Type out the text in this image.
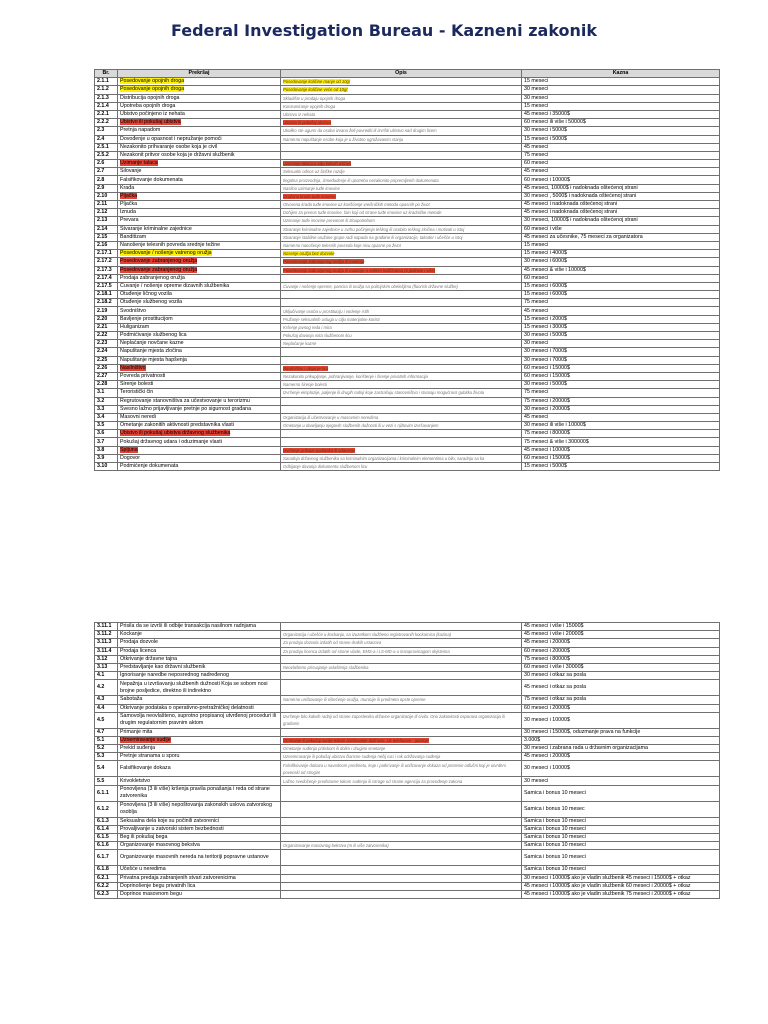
Federal Investigation Bureau - Kazneni zakonik
Br.	Prekršaj	Opis	Kazna
2.1.1	Posedovanje opojnih droga	Posedovanje količine manje od 10gr	15 meseci
2.1.2	Posedovanje opojnih droga	Posedovanje količine veće od 10gr	30 meseci
2.1.3	Distribucija opojnih droga	Skladište u prodaju opojnih droga	30 meseci
2.1.4	Upotreba opojnih droga	Konzumiranje opojnih droga	15 meseci
2.2.1	Ubistvo počinjeno iz nehata	Ubistvo iz nehata	45 meseci i 35000$
2.2.2	Ubistvo ili pokušaj ubistva	Ubistvo ili pokušaj ubistva	60 meseci ili više i 50000$
2.3	Pretnja napadom	Ukoliko ste ugurni da osoba izvana želi povrediti ili izvršiti ubistvo nad drugim licem	30 meseci i 5000$
2.4	Dovođenje u opasnost i nepružanje pomoći	Namerno napuštanje osobe koja je u životno ugrožavanim stanju	15 meseci i 5000$
2.5.1	Nezakonito prihvaranje osobe koja je civil		45 meseci
2.5.2	Nezakonit pritvor osobe koja je državni službenik		75 meseci
2.6	Uzimanje talaca	Uzimanje talaca u cilju kakvih uslova	60 meseci
2.7	Silovanje	Seksualni odnos uz fizičke razdje	45 meseci
2.8	Falsifikovanje dokumenata	Ilegalna proizvodnja, izmeđudenje ili upotreba nezakonito pripremljenih dokumenata	60 meseci i 10000$
2.9	Krađa	Nasilno uzimanje tuđe imovine	45 meseci, 10000$ i nadoknada oštećenoj strani
2.10	Pljačka	Oružana krađa tuđe imovine	30 meseci , 5000$ i nadoknada oštećenoj strani
2.11	Pljačka	Otvorena krađa tuđe imovine uz korišćenje vreišničkih metoda opasnih po život	45 meseci i nadoknada oštećenoj strani
2.12	Iznuda	Dohijen za prenos tuđe imovine, fain koji od strane tuđe imovine uz kradničke metode	45 meseci i nadoknada oštećenoj strani
2.13	Prevara	Uzimanje tuđe imovine prevarom ili zloupotrebom	30 meseci, 10000$ i nadoknada oštećenoj strani
2.14	Stvaranje kriminalne zajednice	Stvaranje kriminalne zajednice u svrhu počinjenja teškog ili osobito teškog zločina i motivati u istoj	60 meseci i više
2.15	Banditizam	Stvaranje stabilne oružane grupe radi napada na građane ili organizacije, takoder i učešće u istoj	45 meseci za učesnike, 75 meseci za organizatora
2.16	Nanošenje telesnih povreda srednje težine	Namerno nanošenje telesnih povreda koje nisu opasne po život	15 meseci
2.17.1	Posedovanje / nošenje vatrenog oružja	Nosenje oružja bez dozvole	15 meseci i 4000$
2.17.2	Posedovanje zabranjenog oružja	Posedovanje zabranjenog oružja ili municije	30 meseci i 6000$
2.17.3	Posedovanje zabranjenog oružja	Posedovanje zabranjenog oružja ili municije u velikim količinama (3 jedinice i više)	45 meseci & više i 10000$
2.17.4	Prodaja zabranjenog oružja		60 meseci
2.17.5	Čuvanje / nošenje opreme dizavnih službenika	Čuvanje i nošenje opreme, pancira ili oružja sa policijskim obeležjima (fluorisk državne službe)	15 meseci i 6000$
2.18.1	Otuđenje ličnog vozila		15 meseci i 6000$
2.18.2	Otuđenje službenog vozila		75 meseci
2.19	Svodništvo	Uključivanje osoba u prostituciju i vodenje istih	45 meseci
2.20	Bavljenje prostitucijom	Pružanje seksualnih usluga u cilju materijalne koristi	15 meseci i 2000$
2.21	Huliganizam	Kršenje javnog reda i mira	15 meseci i 3000$
2.22	Podmićivanje službenog lica	Pokušaj davanja mita službenom licu	30 meseci i 5000$
2.23	Neplaćanje novčane kazne	Neplaćanje kazne	30 meseci
2.24	Napuštanje mjesta zločina		30 meseci i 7000$
2.25	Napuštanje mjesta hapšenja		30 meseci i 7000$
2.26	Nasilništvo	Nasilništvo i ubijanje lica	60 meseci i 15000$
2.27	Povreda privatnosti	Nezakonito prikupljanje, pohranjivanje, korištenje i širenje privatnih informacija	60 meseci i 15000$
2.28	Širenje bolesti	Namerno širenje bolesti	30 meseci i 5000$
3.1	Teroristički čin	Izvršenje eksplozije, paljenje ili drugih radnji koje zastrašuju stanovništvo i stvaraju mogućnost gubitka života	75 meseci
3.2	Regrutovanje stanovništva za učestvovanje u terorizmu		75 meseci i 20000$
3.3	Svesno lažno prijavljivanje pretnje po sigurnost građana		30 meseci i 20000$
3.4	Masovni neredi	Organizacija ili učestvovanje u masovnim neredima	45 meseci
3.5	Ometanje zakonitih aktivnosti predstavnika vlasti	Ometanje u obavljanju njegovih službenih dužnosti ili u vezi s njihovim izvršavanjem	30 meseci ili više i 10000$
3.6	Ubistvo ili pokušaj ubistva državnog službenika		75 meseci i 80000$
3.7	Pokušaj državnog udara i oduzimanje vlasti		75 meseci & više i 300000$
3.8	Špijuna	Izvršenje prikupe podataka ili odavanje	45 meseci i 10000$
3.9	Dogovor	Saradnja državnog službenika sa kriminalnim organizacijama i kriminalnim elementima u bilo, saradnju sa ka	60 meseci i 15000$
3.10	Podmićenje dokumenata	Odbijanje davanja dokumenta službenom licu	15 meseci i 5000$
3.11.1	Prisila da se izvrši ili odbije transakcija nasilnom radnjama		45 meseci i više i 15000$
3.11.2	Kockanje	Organizacija i učešće u kockanju, sa izuzetkom službeno registrovanih kockarnica (kazina)	45 meseci i više i 20000$
3.11.3	Prodaja dozvole	Za prodaju dozvola izdatih od strane drakih ustanova	45 meseci i 20000$
3.11.4	Prodaja licenca	Za prodaju licenca izdatih od strane vlade, EMS-a i LS-MD-a u instuprovinagom dejstvima	60 meseci i 20000$
3.12	Otkrivanje državne tajna		75 meseci i 80000$
3.13	Predstavljanje kao državni službenik	Neovlašteno prisvajanje ovlaštenja službenika	60 meseci i više i 30000$
4.1	Ignorisanje naredbe neposrednog nadređenog		30 meseci i otkaz sa posla
4.2	Nepažnja u izvršavanju službenih dužnosti Koja se sobom nosi brojne posljedice, direktno ili indirektno		45 meseci i otkaz sa posla
4.3	Sabotaža	Namerno uništavanje ili oštećenje oružja, municije ili predmeta opste opreme	75 meseci i otkaz sa posla
4.4	Otkrivanje podataka o operativno-pretražničkoj delatnosti		60 meseci i 20000$
4.5	Samovolja neovlašteno, suprotno propisanoj utvrđenoj proceduri ili drugim regulatornim pravnim aktom	Izvršenje bilo kakvih radnji od strane zaposlenika državne organizacije ili civila. Ono zakonitosti osporava organizacija ili građanin	30 meseci i 10000$
4.7	Primanje mita		30 meseci i 15000$, oduzmanje prava na funkcije
5.1	Uznemiravanje sudije	Ometanje ili pokušaj sudije tokom izvršavanje dužnosti. Uz telefonom - jutarnje	3.000$
5.2	Prekid suđenja	Ometanje suđenja pritiskom ili dolim i drugimi smetanje	30 meseci i zabrana rada u državnim organizacijama
5.3	Pretnje stranama u sporu	Uznemiravanje ili pokušaj ubistva člancne suđenja nečij tuci i rok održavanja suđenja	45 meseci i 20000$
5.4	Falsifikovanje dokaza	Falsifikovanje dokaza u navednom predmetu, koje i potkrivanje ili uništavanje dokaza od pristenie odlučni koji je utvrđeni povenski od strogim	30 meseci i 10000$
5.5	Krivokletstvo	Lažno svedočenje predstavne tokom suđenja ili istrage od strane agencija za provođenje zakona	30 meseci
6.1.1	Ponovljena (3 ili više) kršenja pravila ponašanja i reda od strane zatvorenika		Samica i bonus 10 meseci
6.1.2	Ponovljena (3 ili više) nepoštovanja zakonskih uslova zatvorskog osoblja		Samica i bonus 10 mesec
6.1.3	Seksualna dela koje su počinili zatvorenici		Samica i bonus 10 meseci
6.1.4	Provaljivanje u zatvorski sistem bezbednosti		Samica i bonus 10 meseci
6.1.5	Beg ili pokušaj bega		Samica i bonus 10 meseci
6.1.6	Organizovanje masovnog bekstva	Organizovanje masovnog bekstva (m ili više zatvorenika)	Samica i bonus 10 meseci
6.1.7	Organizovanje masovnih nereda na teritoriji popravne ustanove		Samica i bonus 10 meseci
6.1.8	Učešće u neredima		Samica i bonus 10 meseci
6.2.1	Privatna predaja zabranjenih stvari zatvorenicima		30 meseci i 10000$ ako je vladin službenik 45 meseci i 15000$ + otkaz
6.2.2	Doprinošenje begu privatnih lica		45 meseci i 10000$ ako je vladin službenik 60 meseci i 20000$ + otkaz
6.2.3	Doprinos masovnom begu		45 meseci i 10000$ ako je vladin službenik 75 meseci i 20000$ + otkaz
